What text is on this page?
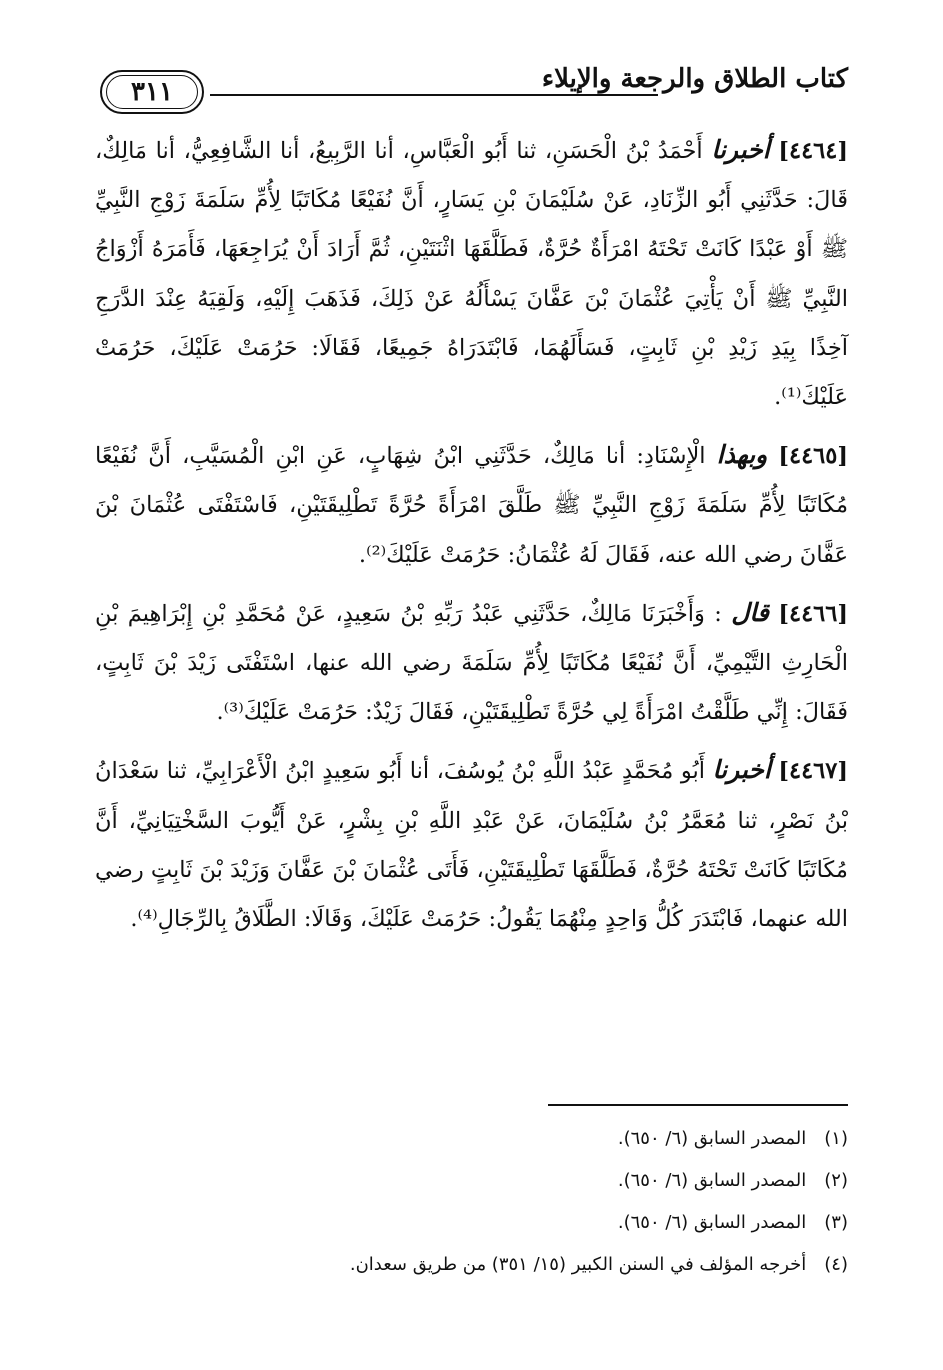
كتاب الطلاق والرجعة والإيلاء
٣١١

[٤٤٦٤] أخبرنا أَحْمَدُ بْنُ الْحَسَنِ، ثنا أَبُو الْعَبَّاسِ، أنا الرَّبِيعُ، أنا الشَّافِعِيُّ، أنا مَالِكٌ، قَالَ: حَدَّثَنِي أَبُو الزِّنَادِ، عَنْ سُلَيْمَانَ بْنِ يَسَارٍ، أَنَّ نُفَيْعًا مُكَاتَبًا لِأُمِّ سَلَمَةَ زَوْجِ النَّبِيِّ ﷺ أَوْ عَبْدًا كَانَتْ تَحْتَهُ امْرَأَةٌ حُرَّةٌ، فَطَلَّقَهَا اثْنَتَيْنِ، ثُمَّ أَرَادَ أَنْ يُرَاجِعَهَا، فَأَمَرَهُ أَزْوَاجُ النَّبِيِّ ﷺ أَنْ يَأْتِيَ عُثْمَانَ بْنَ عَفَّانَ يَسْأَلُهُ عَنْ ذَلِكَ، فَذَهَبَ إِلَيْهِ، وَلَقِيَهُ عِنْدَ الدَّرَجِ آخِذًا بِيَدِ زَيْدِ بْنِ ثَابِتٍ، فَسَأَلَهُمَا، فَابْتَدَرَاهُ جَمِيعًا، فَقَالَا: حَرُمَتْ عَلَيْكَ، حَرُمَتْ عَلَيْكَ⁽¹⁾.

[٤٤٦٥] وبهذا الْإِسْنَادِ: أنا مَالِكٌ، حَدَّثَنِي ابْنُ شِهَابٍ، عَنِ ابْنِ الْمُسَيَّبِ، أَنَّ نُفَيْعًا مُكَاتَبًا لِأُمِّ سَلَمَةَ زَوْجِ النَّبِيِّ ﷺ طَلَّقَ امْرَأَةً حُرَّةً تَطْلِيقَتَيْنِ، فَاسْتَفْتَى عُثْمَانَ بْنَ عَفَّانَ رضي الله عنه، فَقَالَ لَهُ عُثْمَانُ: حَرُمَتْ عَلَيْكَ⁽²⁾.

[٤٤٦٦] قال : وَأَخْبَرَنَا مَالِكٌ، حَدَّثَنِي عَبْدُ رَبِّهِ بْنُ سَعِيدٍ، عَنْ مُحَمَّدِ بْنِ إِبْرَاهِيمَ بْنِ الْحَارِثِ التَّيْمِيِّ، أَنَّ نُفَيْعًا مُكَاتَبًا لِأُمِّ سَلَمَةَ رضي الله عنها، اسْتَفْتَى زَيْدَ بْنَ ثَابِتٍ، فَقَالَ: إِنِّي طَلَّقْتُ امْرَأَةً لِي حُرَّةً تَطْلِيقَتَيْنِ، فَقَالَ زَيْدٌ: حَرُمَتْ عَلَيْكَ⁽³⁾.

[٤٤٦٧] أخبرنا أَبُو مُحَمَّدٍ عَبْدُ اللَّهِ بْنُ يُوسُفَ، أنا أَبُو سَعِيدٍ ابْنُ الْأَعْرَابِيِّ، ثنا سَعْدَانُ بْنُ نَصْرٍ، ثنا مُعَمَّرُ بْنُ سُلَيْمَانَ، عَنْ عَبْدِ اللَّهِ بْنِ بِشْرٍ، عَنْ أَيُّوبَ السَّخْتِيَانِيِّ، أَنَّ مُكَاتَبًا كَانَتْ تَحْتَهُ حُرَّةٌ، فَطَلَّقَهَا تَطْلِيقَتَيْنِ، فَأَتَى عُثْمَانَ بْنَ عَفَّانَ وَزَيْدَ بْنَ ثَابِتٍ رضي الله عنهما، فَابْتَدَرَ كُلُّ وَاحِدٍ مِنْهُمَا يَقُولُ: حَرُمَتْ عَلَيْكَ، وَقَالَا: الطَّلَاقُ بِالرِّجَالِ⁽⁴⁾.

(١) المصدر السابق (٦/ ٦٥٠).

(٢) المصدر السابق (٦/ ٦٥٠).

(٣) المصدر السابق (٦/ ٦٥٠).

(٤) أخرجه المؤلف في السنن الكبير (١٥/ ٣٥١) من طريق سعدان.
